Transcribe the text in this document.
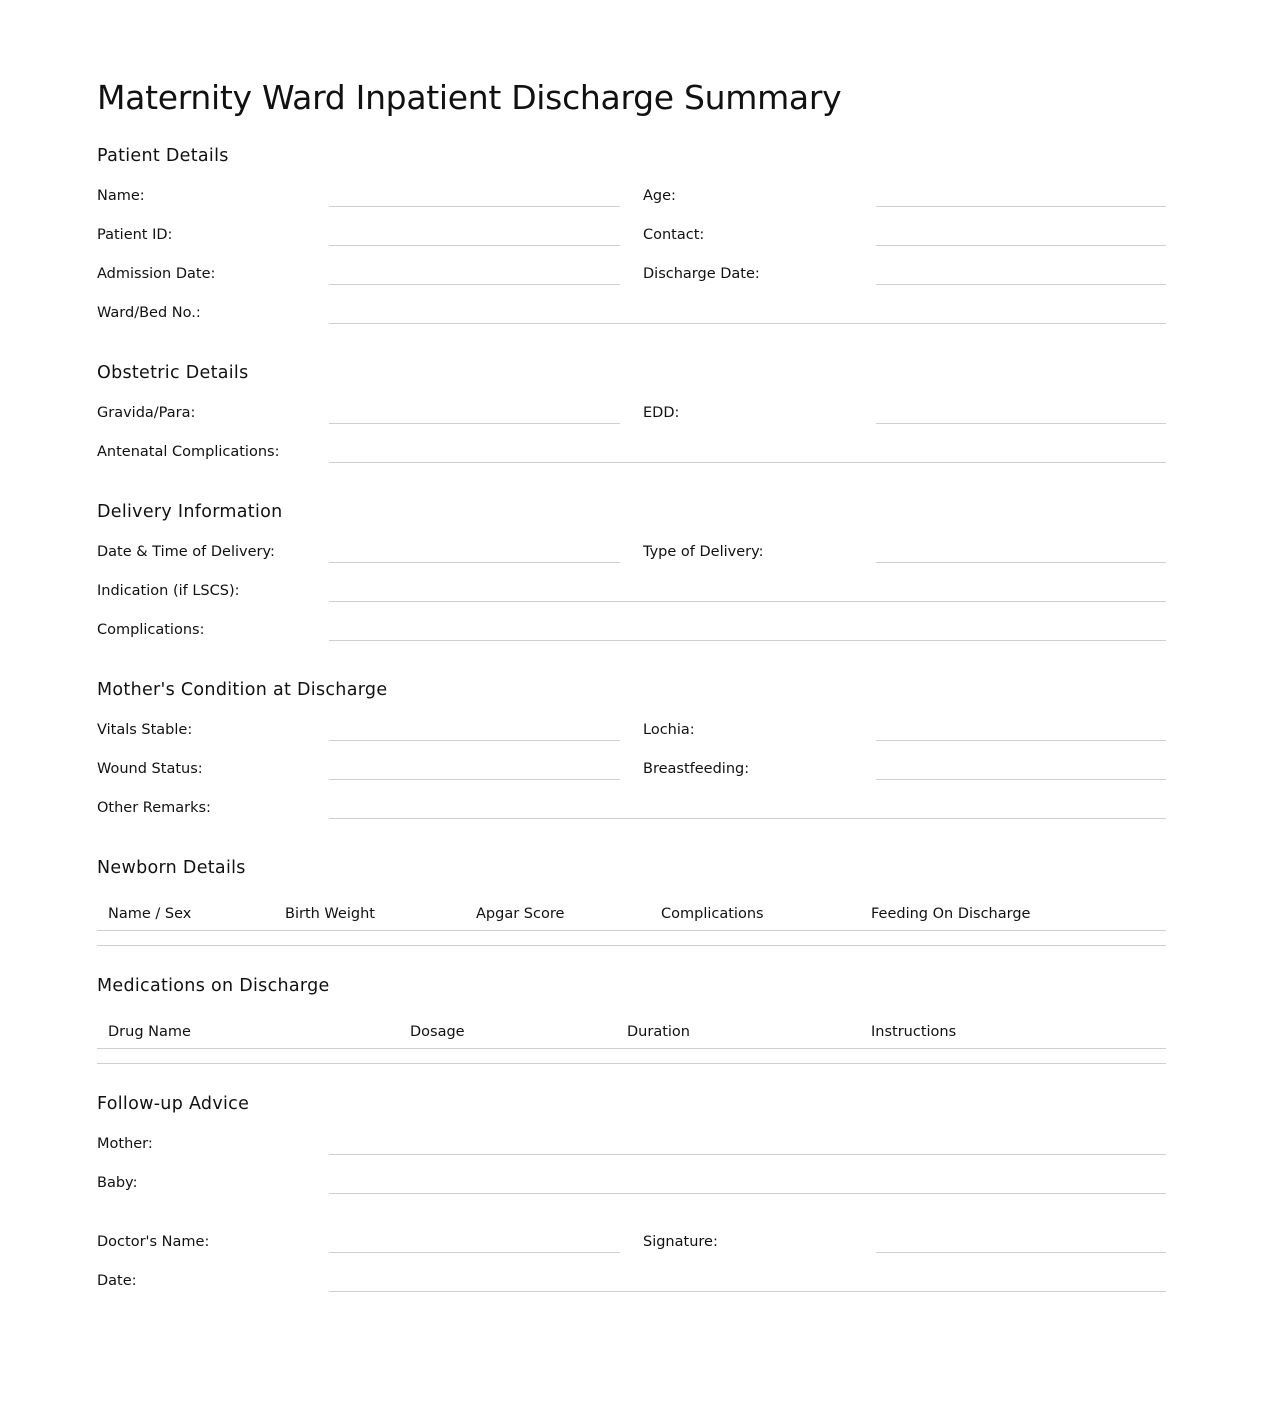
Maternity Ward Inpatient Discharge Summary
Patient Details
Name:	Age:
Patient ID:	Contact:
Admission Date:	Discharge Date:
Ward/Bed No.:
Obstetric Details
Gravida/Para:	EDD:
Antenatal Complications:
Delivery Information
Date & Time of Delivery:	Type of Delivery:
Indication (if LSCS):
Complications:
Mother's Condition at Discharge
Vitals Stable:	Lochia:
Wound Status:	Breastfeeding:
Other Remarks:
Newborn Details
Name / Sex	Birth Weight	Apgar Score	Complications	Feeding On Discharge

Medications on Discharge
Drug Name	Dosage	Duration	Instructions

Follow-up Advice
Mother:
Baby:
Doctor's Name:	Signature:
Date:
